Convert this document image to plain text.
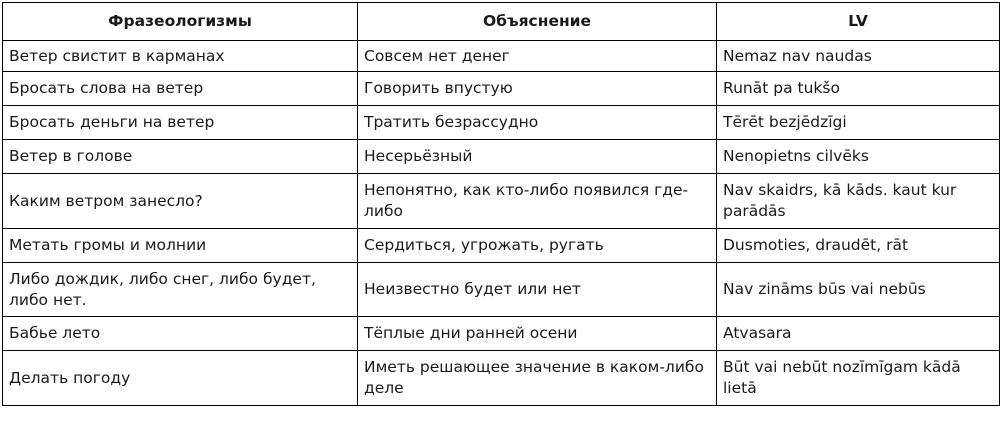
Фразеологизмы	Объяснение	LV
Ветер свистит в карманах	Совсем нет денег	Nemaz nav naudas
Бросать слова на ветер	Говорить впустую	Runāt pa tukšo
Бросать деньги на ветер	Тратить безрассудно	Tērēt bezjēdzīgi
Ветер в голове	Несерьёзный	Nenopietns cilvēks
Каким ветром занесло?	Непонятно, как кто-либо появился где-либо	Nav skaidrs, kā kāds. kaut kur parādās
Метать громы и молнии	Сердиться, угрожать, ругать	Dusmoties, draudēt, rāt
Либо дождик, либо снег, либо будет, либо нет.	Неизвестно будет или нет	Nav zināms būs vai nebūs
Бабье лето	Тёплые дни ранней осени	Atvasara
Делать погоду	Иметь решающее значение в каком-либо деле	Būt vai nebūt nozīmīgam kādā lietā
